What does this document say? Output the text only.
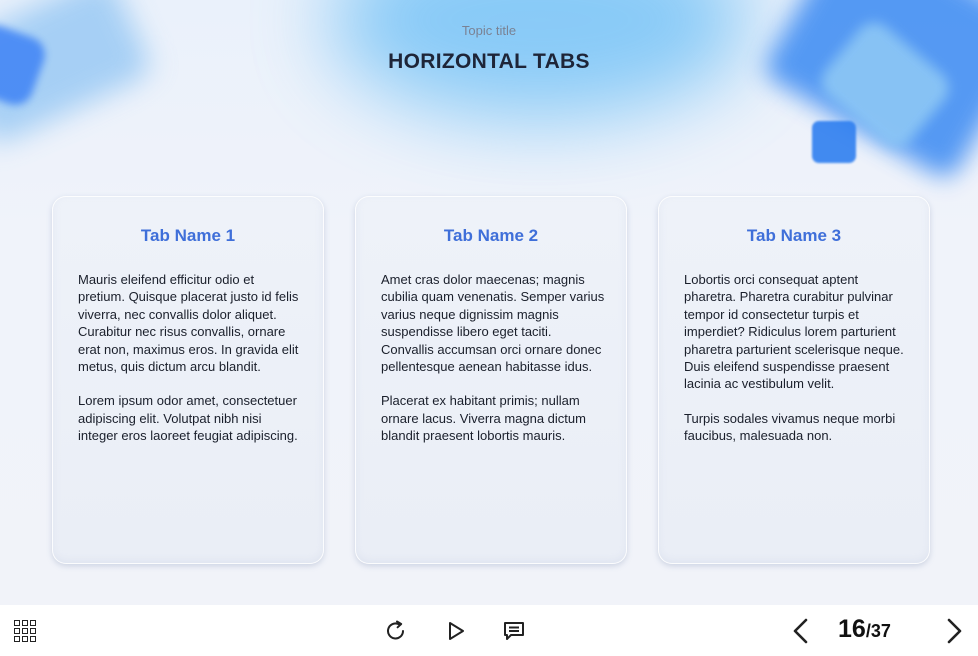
Topic title
HORIZONTAL TABS
Tab Name 1

Mauris eleifend efficitur odio et pretium. Quisque placerat justo id felis viverra, nec convallis dolor aliquet. Curabitur nec risus convallis, ornare erat non, maximus eros. In gravida elit metus, quis dictum arcu blandit.

Lorem ipsum odor amet, consectetuer adipiscing elit. Volutpat nibh nisi integer eros laoreet feugiat adipiscing.

Tab Name 2

Amet cras dolor maecenas; magnis cubilia quam venenatis. Semper varius varius neque dignissim magnis suspendisse libero eget taciti. Convallis accumsan orci ornare donec pellentesque aenean habitasse idus.

Placerat ex habitant primis; nullam ornare lacus. Viverra magna dictum blandit praesent lobortis mauris.

Tab Name 3

Lobortis orci consequat aptent pharetra. Pharetra curabitur pulvinar tempor id consectetur turpis et imperdiet? Ridiculus lorem parturient pharetra parturient scelerisque neque. Duis eleifend suspendisse praesent lacinia ac vestibulum velit.

Turpis sodales vivamus neque morbi faucibus, malesuada non.

16 / 37
